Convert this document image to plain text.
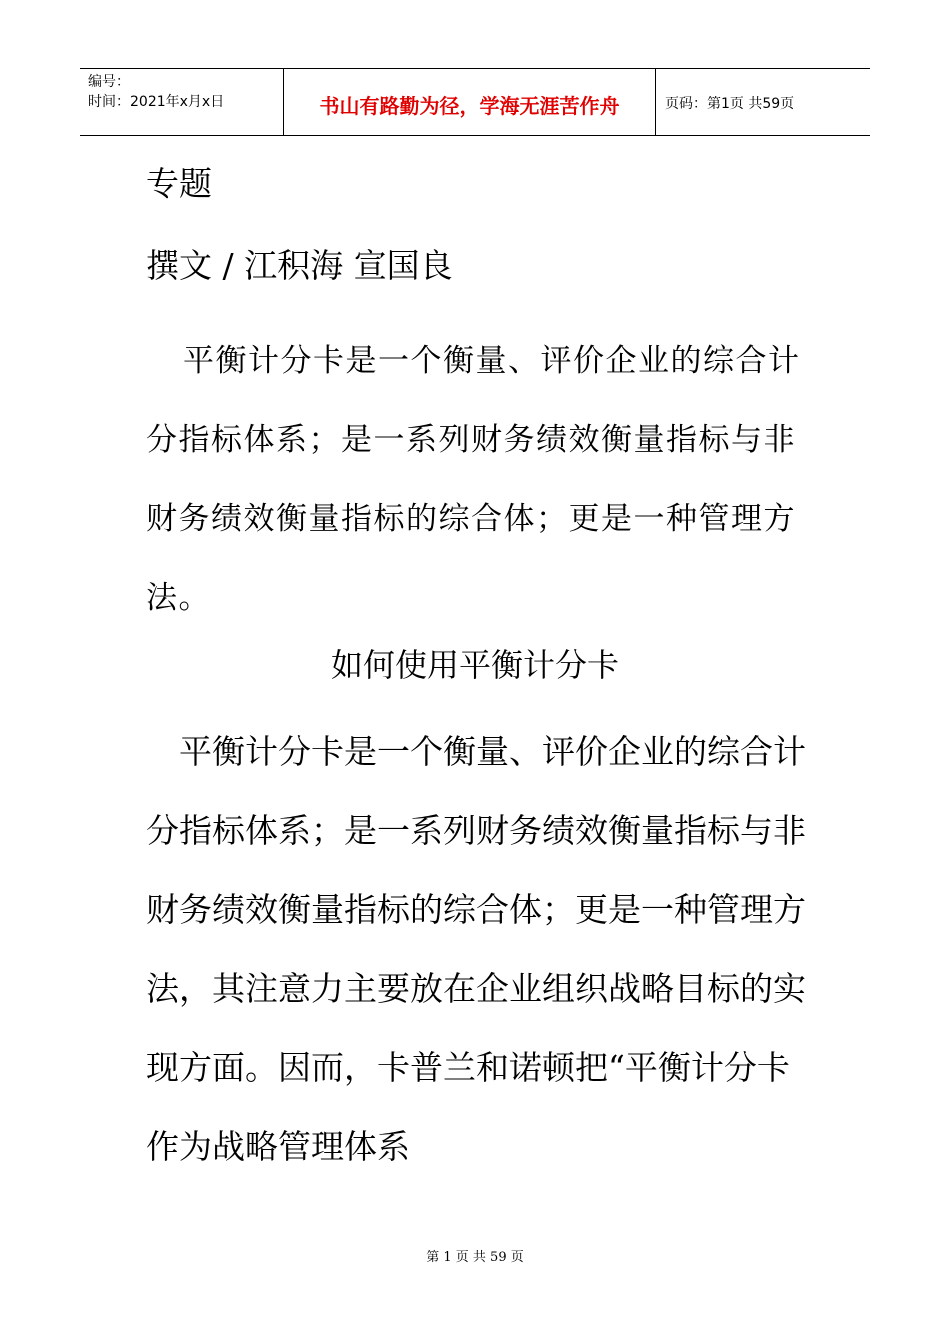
编号：
时间：2021年x月x日	书山有路勤为径，学海无涯苦作舟	页码：第1页 共59页
专题
撰文 / 江积海 宣国良
平衡计分卡是一个衡量、评价企业的综合计分指标体系；是一系列财务绩效衡量指标与非财务绩效衡量指标的综合体；更是一种管理方法。
如何使用平衡计分卡
平衡计分卡是一个衡量、评价企业的综合计分指标体系；是一系列财务绩效衡量指标与非财务绩效衡量指标的综合体；更是一种管理方法，其注意力主要放在企业组织战略目标的实现方面。因而，卡普兰和诺顿把“平衡计分卡作为战略管理体系
第 1 页 共 59 页
